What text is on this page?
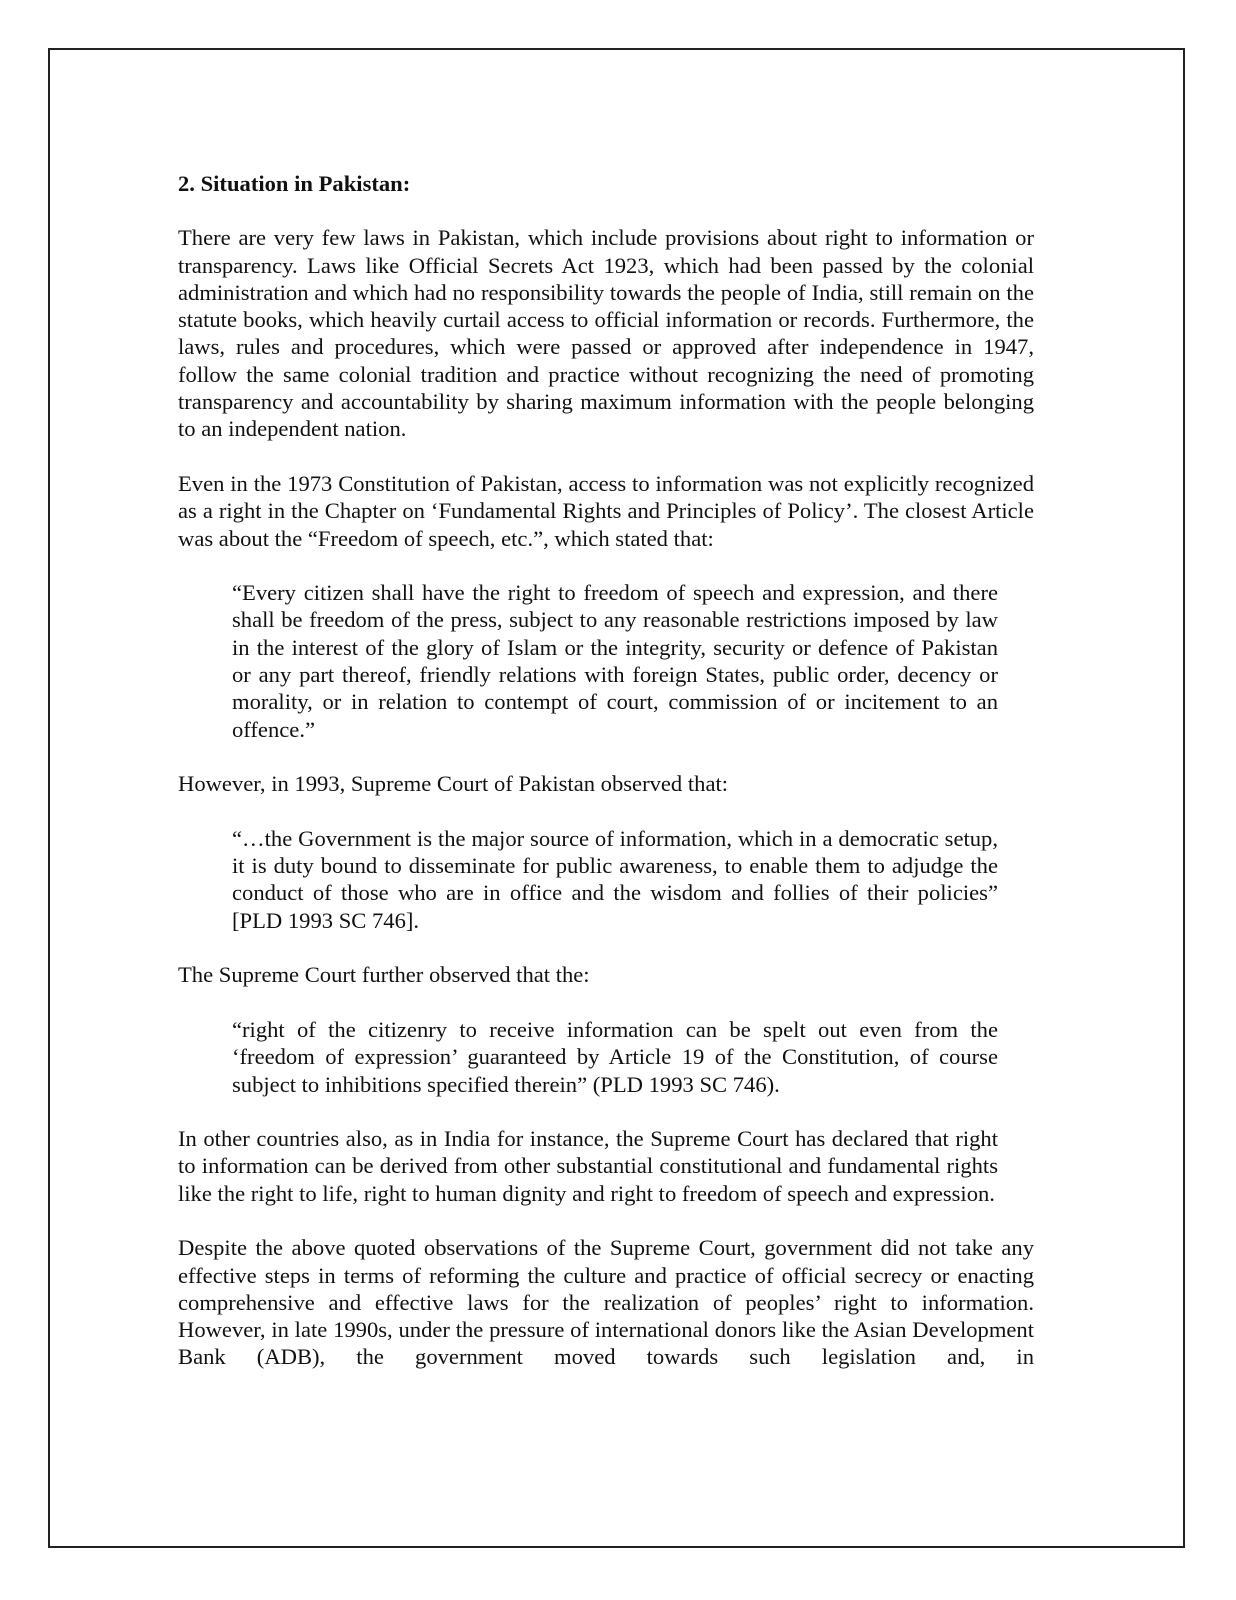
2. Situation in Pakistan:

There are very few laws in Pakistan, which include provisions about right to information or transparency. Laws like Official Secrets Act 1923, which had been passed by the colonial administration and which had no responsibility towards the people of India, still remain on the statute books, which heavily curtail access to official information or records. Furthermore, the laws, rules and procedures, which were passed or approved after independence in 1947, follow the same colonial tradition and practice without recognizing the need of promoting transparency and accountability by sharing maximum information with the people belonging to an independent nation.

Even in the 1973 Constitution of Pakistan, access to information was not explicitly recognized as a right in the Chapter on ‘Fundamental Rights and Principles of Policy’. The closest Article was about the “Freedom of speech, etc.”, which stated that:

“Every citizen shall have the right to freedom of speech and expression, and there shall be freedom of the press, subject to any reasonable restrictions imposed by law in the interest of the glory of Islam or the integrity, security or defence of Pakistan or any part thereof, friendly relations with foreign States, public order, decency or morality, or in relation to contempt of court, commission of or incitement to an offence.”

However, in 1993, Supreme Court of Pakistan observed that:

“…the Government is the major source of information, which in a democratic setup, it is duty bound to disseminate for public awareness, to enable them to adjudge the conduct of those who are in office and the wisdom and follies of their policies” [PLD 1993 SC 746].

The Supreme Court further observed that the:

“right of the citizenry to receive information can be spelt out even from the ‘freedom of expression’ guaranteed by Article 19 of the Constitution, of course subject to inhibitions specified therein” (PLD 1993 SC 746).

In other countries also, as in India for instance, the Supreme Court has declared that right to information can be derived from other substantial constitutional and fundamental rights like the right to life, right to human dignity and right to freedom of speech and expression.

Despite the above quoted observations of the Supreme Court, government did not take any effective steps in terms of reforming the culture and practice of official secrecy or enacting comprehensive and effective laws for the realization of peoples’ right to information. However, in late 1990s, under the pressure of international donors like the Asian Development Bank (ADB), the government moved towards such legislation and, in
